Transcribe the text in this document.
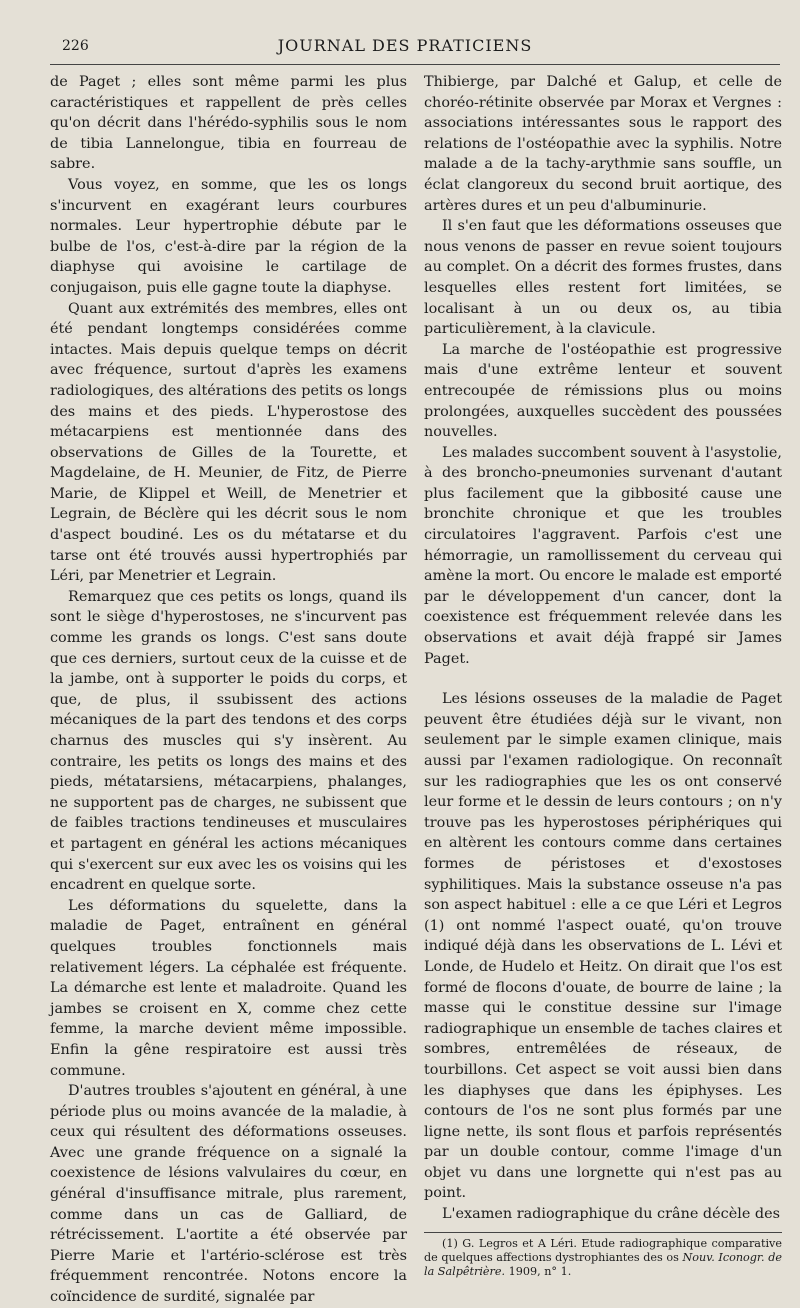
226	JOURNAL DES PRATICIENS

de Paget ; elles sont même parmi les plus caractéristiques et rappellent de près celles qu'on décrit dans l'hérédo-syphilis sous le nom de tibia Lannelongue, tibia en fourreau de sabre.

Vous voyez, en somme, que les os longs s'incurvent en exagérant leurs courbures normales. Leur hypertrophie débute par le bulbe de l'os, c'est-à-dire par la région de la diaphyse qui avoisine le cartilage de conjugaison, puis elle gagne toute la diaphyse.

Quant aux extrémités des membres, elles ont été pendant longtemps considérées comme intactes. Mais depuis quelque temps on décrit avec fréquence, surtout d'après les examens radiologiques, des altérations des petits os longs des mains et des pieds. L'hyperostose des métacarpiens est mentionnée dans des observations de Gilles de la Tourette, et Magdelaine, de H. Meunier, de Fitz, de Pierre Marie, de Klippel et Weill, de Menetrier et Legrain, de Béclère qui les décrit sous le nom d'aspect boudiné. Les os du métatarse et du tarse ont été trouvés aussi hypertrophiés par Léri, par Menetrier et Legrain.

Remarquez que ces petits os longs, quand ils sont le siège d'hyperostoses, ne s'incurvent pas comme les grands os longs. C'est sans doute que ces derniers, surtout ceux de la cuisse et de la jambe, ont à supporter le poids du corps, et que, de plus, il ssubissent des actions mécaniques de la part des tendons et des corps charnus des muscles qui s'y insèrent. Au contraire, les petits os longs des mains et des pieds, métatarsiens, métacarpiens, phalanges, ne supportent pas de charges, ne subissent que de faibles tractions tendineuses et musculaires et partagent en général les actions mécaniques qui s'exercent sur eux avec les os voisins qui les encadrent en quelque sorte.

Les déformations du squelette, dans la maladie de Paget, entraînent en général quelques troubles fonctionnels mais relativement légers. La céphalée est fréquente. La démarche est lente et maladroite. Quand les jambes se croisent en X, comme chez cette femme, la marche devient même impossible. Enfin la gêne respiratoire est aussi très commune.

D'autres troubles s'ajoutent en général, à une période plus ou moins avancée de la maladie, à ceux qui résultent des déformations osseuses. Avec une grande fréquence on a signalé la coexistence de lésions valvulaires du cœur, en général d'insuffisance mitrale, plus rarement, comme dans un cas de Galliard, de rétrécissement. L'aortite a été observée par Pierre Marie et l'artério-sclérose est très fréquemment rencontrée. Notons encore la coïncidence de surdité, signalée par

Thibierge, par Dalché et Galup, et celle de choréo-rétinite observée par Morax et Vergnes : associations intéressantes sous le rapport des relations de l'ostéopathie avec la syphilis. Notre malade a de la tachy-arythmie sans souffle, un éclat clangoreux du second bruit aortique, des artères dures et un peu d'albuminurie.

Il s'en faut que les déformations osseuses que nous venons de passer en revue soient toujours au complet. On a décrit des formes frustes, dans lesquelles elles restent fort limitées, se localisant à un ou deux os, au tibia particulièrement, à la clavicule.

La marche de l'ostéopathie est progressive mais d'une extrême lenteur et souvent entrecoupée de rémissions plus ou moins prolongées, auxquelles succèdent des poussées nouvelles.

Les malades succombent souvent à l'asystolie, à des broncho-pneumonies survenant d'autant plus facilement que la gibbosité cause une bronchite chronique et que les troubles circulatoires l'aggravent. Parfois c'est une hémorragie, un ramollissement du cerveau qui amène la mort. Ou encore le malade est emporté par le développement d'un cancer, dont la coexistence est fréquemment relevée dans les observations et avait déjà frappé sir James Paget.

Les lésions osseuses de la maladie de Paget peuvent être étudiées déjà sur le vivant, non seulement par le simple examen clinique, mais aussi par l'examen radiologique. On reconnaît sur les radiographies que les os ont conservé leur forme et le dessin de leurs contours ; on n'y trouve pas les hyperostoses périphériques qui en altèrent les contours comme dans certaines formes de péristoses et d'exostoses syphilitiques. Mais la substance osseuse n'a pas son aspect habituel : elle a ce que Léri et Legros (1) ont nommé l'aspect ouaté, qu'on trouve indiqué déjà dans les observations de L. Lévi et Londe, de Hudelo et Heitz. On dirait que l'os est formé de flocons d'ouate, de bourre de laine ; la masse qui le constitue dessine sur l'image radiographique un ensemble de taches claires et sombres, entremêlées de réseaux, de tourbillons. Cet aspect se voit aussi bien dans les diaphyses que dans les épiphyses. Les contours de l'os ne sont plus formés par une ligne nette, ils sont flous et parfois représentés par un double contour, comme l'image d'un objet vu dans une lorgnette qui n'est pas au point.

L'examen radiographique du crâne décèle des

(1) G. Legros et A Léri. Etude radiographique comparative de quelques affections dystrophiantes des os Nouv. Iconogr. de la Salpêtrière. 1909, n° 1.
